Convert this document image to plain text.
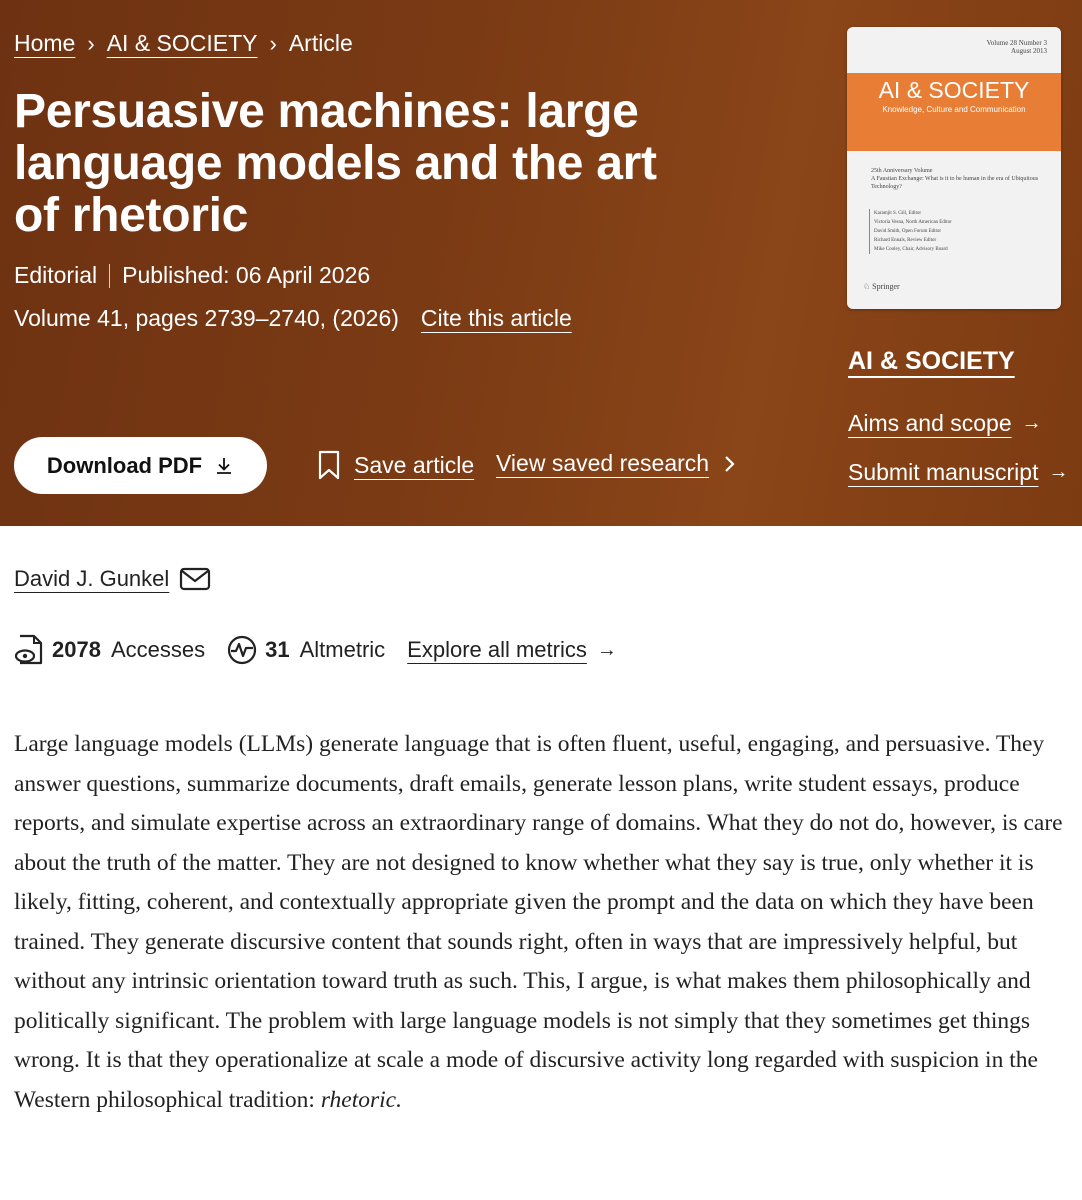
Home › AI & SOCIETY › Article
Persuasive machines: large language models and the art of rhetoric
Editorial Published: 06 April 2026
Volume 41, pages 2739–2740, (2026) Cite this article
Download PDF	Save article View saved research
Volume 28 Number 3
August 2013
AI & SOCIETY
Knowledge, Culture and Communication
25th Anniversary Volume
A Faustian Exchange: What is it to be human in the era of Ubiquitous Technology?
Karamjit S. Gill, Editor
Victoria Vesna, North American Editor
David Smith, Open Forum Editor
Richard Ennals, Review Editor
Mike Cooley, Chair, Advisory Board
♘ Springer
AI & SOCIETY
Aims and scope →
Submit manuscript →
David J. Gunkel
2078 Accesses	31 Altmetric Explore all metrics →

Large language models (LLMs) generate language that is often fluent, useful, engaging, and persuasive. They answer questions, summarize documents, draft emails, generate lesson plans, write student essays, produce reports, and simulate expertise across an extraordinary range of domains. What they do not do, however, is care about the truth of the matter. They are not designed to know whether what they say is true, only whether it is likely, fitting, coherent, and contextually appropriate given the prompt and the data on which they have been trained. They generate discursive content that sounds right, often in ways that are impressively helpful, but without any intrinsic orientation toward truth as such. This, I argue, is what makes them philosophically and politically significant. The problem with large language models is not simply that they sometimes get things wrong. It is that they operationalize at scale a mode of discursive activity long regarded with suspicion in the Western philosophical tradition: rhetoric.
